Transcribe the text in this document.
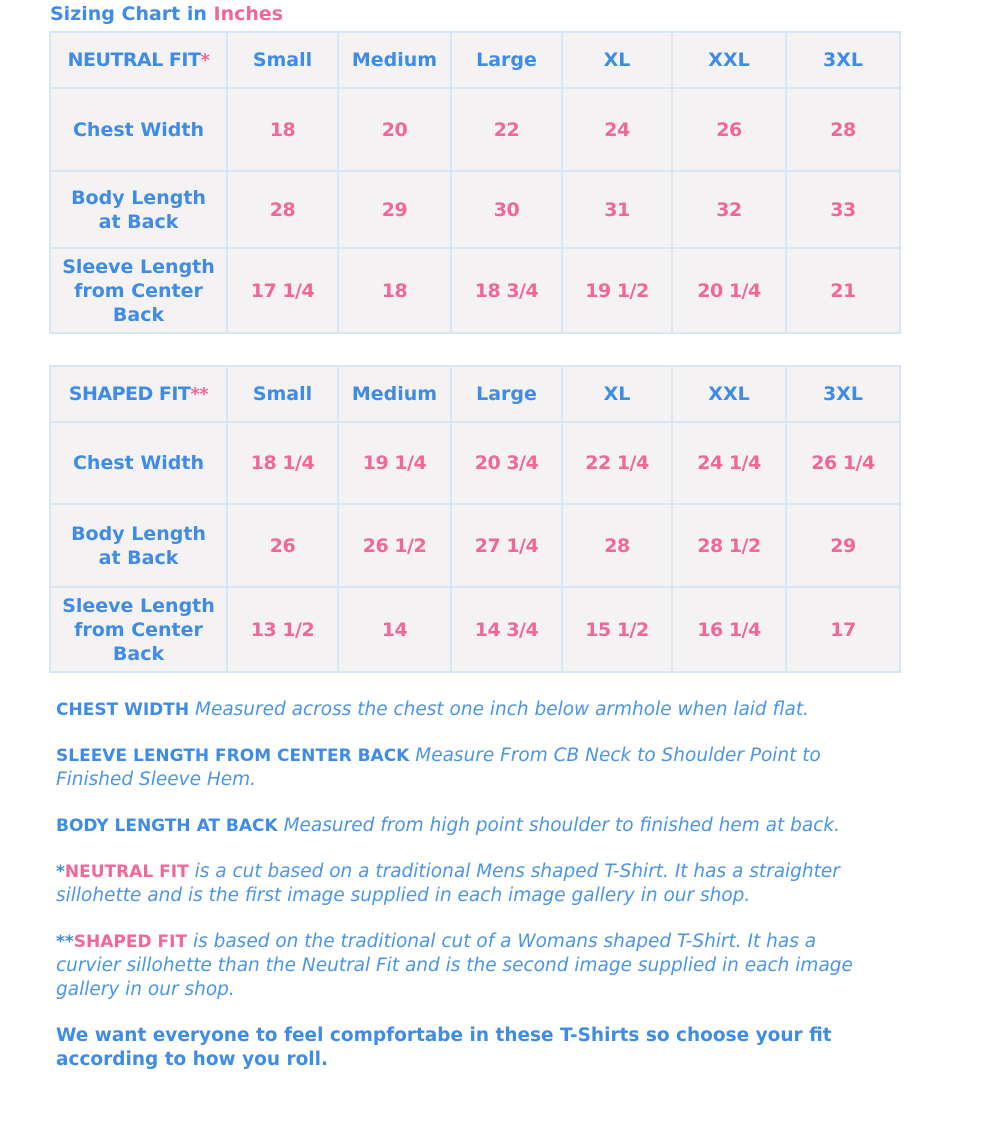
Sizing Chart in Inches
NEUTRAL FIT*	Small	Medium	Large	XL	XXL	3XL

Chest Width	18	20	22	24	26	28

Body Length
at Back	28	29	30	31	32	33

Sleeve Length
from Center
Back	17 1/4	18	18 3/4	19 1/2	20 1/4	21
SHAPED FIT**	Small	Medium	Large	XL	XXL	3XL

Chest Width	18 1/4	19 1/4	20 3/4	22 1/4	24 1/4	26 1/4

Body Length
at Back	26	26 1/2	27 1/4	28	28 1/2	29

Sleeve Length
from Center
Back	13 1/2	14	14 3/4	15 1/2	16 1/4	17

CHEST WIDTH Measured across the chest one inch below armhole when laid flat.

SLEEVE LENGTH FROM CENTER BACK Measure From CB Neck to Shoulder Point to Finished Sleeve Hem.

BODY LENGTH AT BACK Measured from high point shoulder to finished hem at back.

*NEUTRAL FIT is a cut based on a traditional Mens shaped T-Shirt. It has a straighter sillohette and is the first image supplied in each image gallery in our shop.

**SHAPED FIT is based on the traditional cut of a Womans shaped T-Shirt. It has a curvier sillohette than the Neutral Fit and is the second image supplied in each image gallery in our shop.

We want everyone to feel compfortabe in these T-Shirts so choose your fit according to how you roll.
